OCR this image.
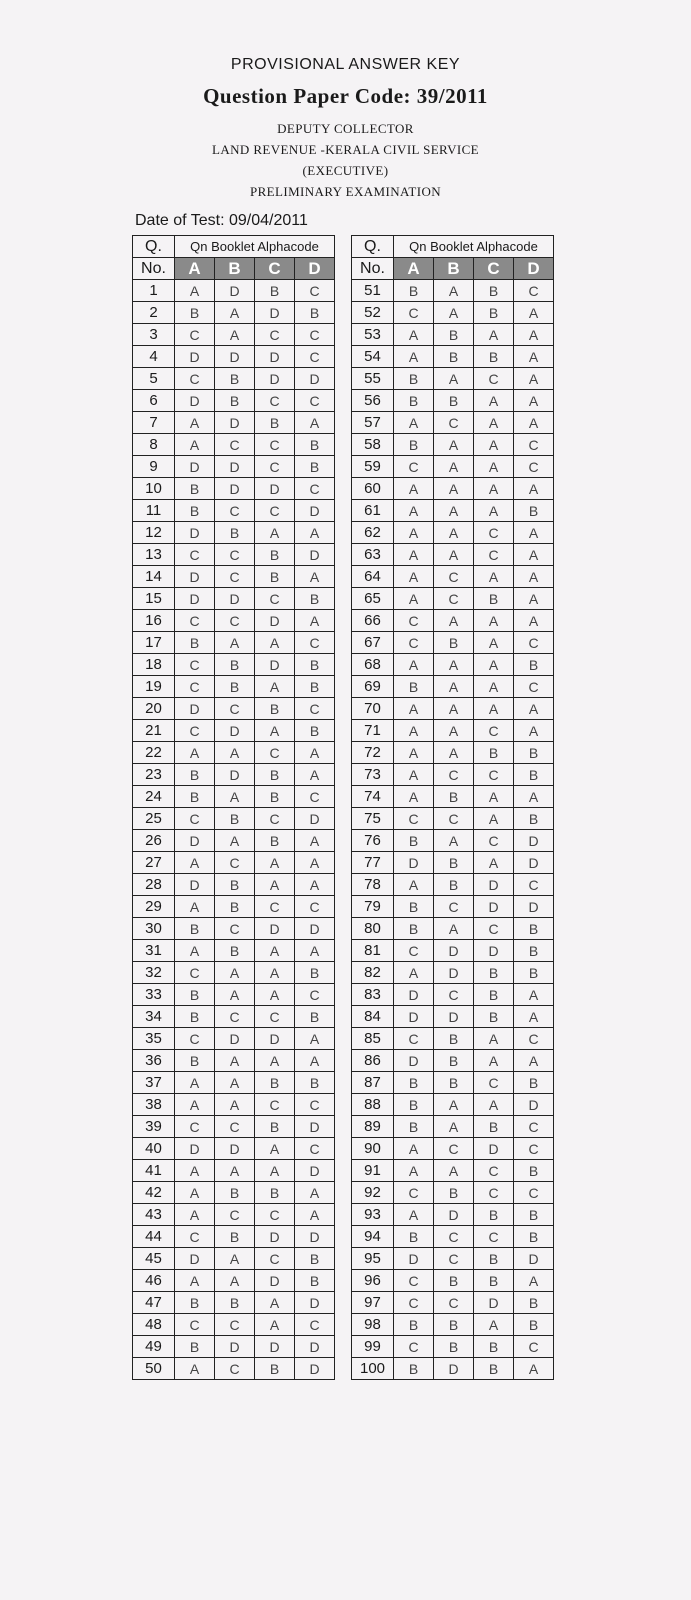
PROVISIONAL ANSWER KEY
Question Paper Code: 39/2011
DEPUTY COLLECTOR
LAND REVENUE -KERALA CIVIL SERVICE
(EXECUTIVE)
PRELIMINARY EXAMINATION
Date of Test: 09/04/2011
Q.	Qn Booklet Alphacode			
No.	A	B	C	D
1	A	D	B	C
2	B	A	D	B
3	C	A	C	C
4	D	D	D	C
5	C	B	D	D
6	D	B	C	C
7	A	D	B	A
8	A	C	C	B
9	D	D	C	B
10	B	D	D	C
11	B	C	C	D
12	D	B	A	A
13	C	C	B	D
14	D	C	B	A
15	D	D	C	B
16	C	C	D	A
17	B	A	A	C
18	C	B	D	B
19	C	B	A	B
20	D	C	B	C
21	C	D	A	B
22	A	A	C	A
23	B	D	B	A
24	B	A	B	C
25	C	B	C	D
26	D	A	B	A
27	A	C	A	A
28	D	B	A	A
29	A	B	C	C
30	B	C	D	D
31	A	B	A	A
32	C	A	A	B
33	B	A	A	C
34	B	C	C	B
35	C	D	D	A
36	B	A	A	A
37	A	A	B	B
38	A	A	C	C
39	C	C	B	D
40	D	D	A	C
41	A	A	A	D
42	A	B	B	A
43	A	C	C	A
44	C	B	D	D
45	D	A	C	B
46	A	A	D	B
47	B	B	A	D
48	C	C	A	C
49	B	D	D	D
50	A	C	B	D
Q.	Qn Booklet Alphacode			
No.	A	B	C	D
51	B	A	B	C
52	C	A	B	A
53	A	B	A	A
54	A	B	B	A
55	B	A	C	A
56	B	B	A	A
57	A	C	A	A
58	B	A	A	C
59	C	A	A	C
60	A	A	A	A
61	A	A	A	B
62	A	A	C	A
63	A	A	C	A
64	A	C	A	A
65	A	C	B	A
66	C	A	A	A
67	C	B	A	C
68	A	A	A	B
69	B	A	A	C
70	A	A	A	A
71	A	A	C	A
72	A	A	B	B
73	A	C	C	B
74	A	B	A	A
75	C	C	A	B
76	B	A	C	D
77	D	B	A	D
78	A	B	D	C
79	B	C	D	D
80	B	A	C	B
81	C	D	D	B
82	A	D	B	B
83	D	C	B	A
84	D	D	B	A
85	C	B	A	C
86	D	B	A	A
87	B	B	C	B
88	B	A	A	D
89	B	A	B	C
90	A	C	D	C
91	A	A	C	B
92	C	B	C	C
93	A	D	B	B
94	B	C	C	B
95	D	C	B	D
96	C	B	B	A
97	C	C	D	B
98	B	B	A	B
99	C	B	B	C
100	B	D	B	A
